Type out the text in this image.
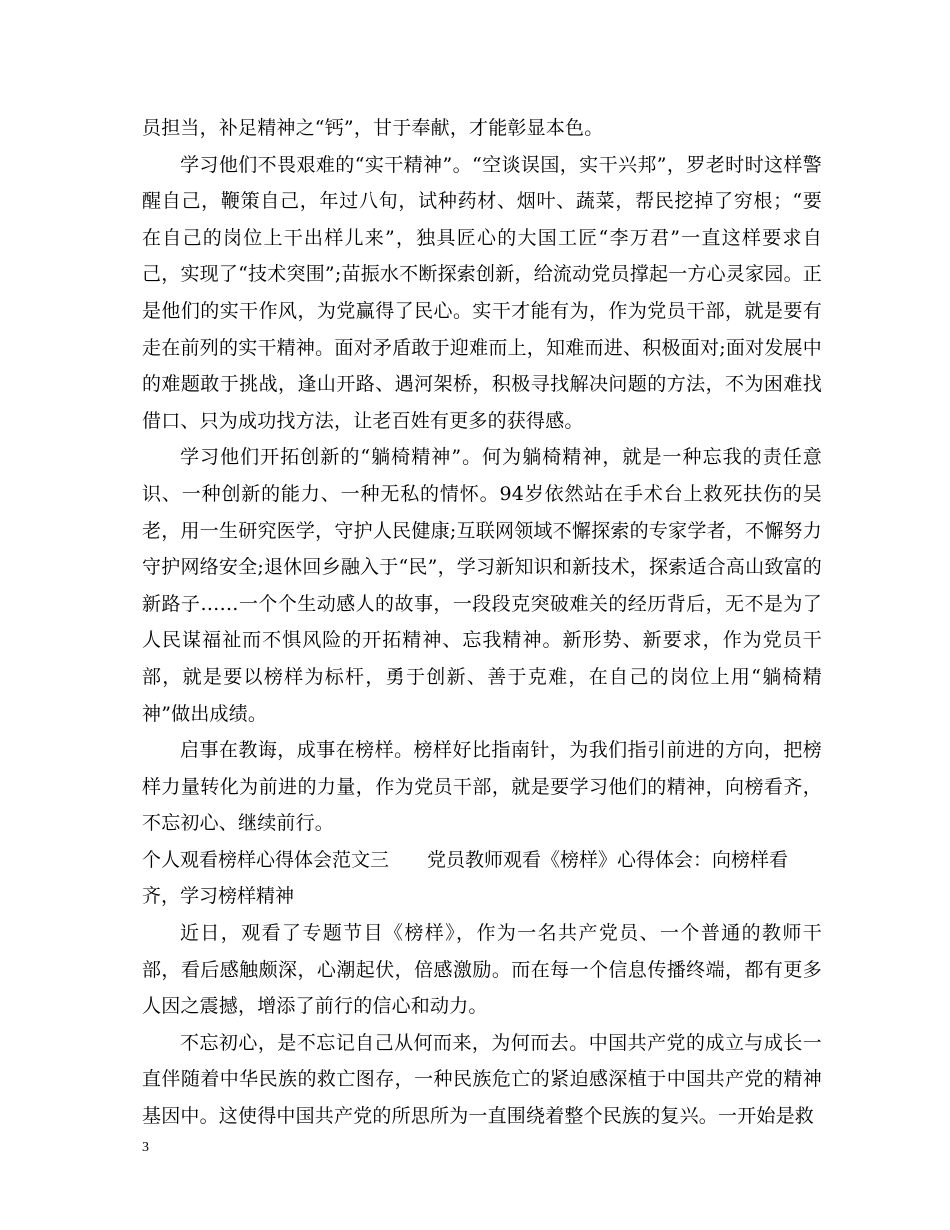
员担当，补足精神之“钙”，甘于奉献，才能彰显本色。

学习他们不畏艰难的“实干精神”。“空谈误国，实干兴邦”，罗老时时这样警醒自己，鞭策自己，年过八旬，试种药材、烟叶、蔬菜，帮民挖掉了穷根；“要在自己的岗位上干出样儿来”，独具匠心的大国工匠“李万君”一直这样要求自己，实现了“技术突围”;苗振水不断探索创新，给流动党员撑起一方心灵家园。正是他们的实干作风，为党赢得了民心。实干才能有为，作为党员干部，就是要有走在前列的实干精神。面对矛盾敢于迎难而上，知难而进、积极面对;面对发展中的难题敢于挑战，逢山开路、遇河架桥，积极寻找解决问题的方法，不为困难找借口、只为成功找方法，让老百姓有更多的获得感。

学习他们开拓创新的“躺椅精神”。何为躺椅精神，就是一种忘我的责任意识、一种创新的能力、一种无私的情怀。94岁依然站在手术台上救死扶伤的吴老，用一生研究医学，守护人民健康;互联网领域不懈探索的专家学者，不懈努力守护网络安全;退休回乡融入于“民”，学习新知识和新技术，探索适合高山致富的新路子……一个个生动感人的故事，一段段克突破难关的经历背后，无不是为了人民谋福祉而不惧风险的开拓精神、忘我精神。新形势、新要求，作为党员干部，就是要以榜样为标杆，勇于创新、善于克难，在自己的岗位上用“躺椅精神”做出成绩。

启事在教诲，成事在榜样。榜样好比指南针，为我们指引前进的方向，把榜样力量转化为前进的力量，作为党员干部，就是要学习他们的精神，向榜看齐，不忘初心、继续前行。

个人观看榜样心得体会范文三　　党员教师观看《榜样》心得体会：向榜样看齐，学习榜样精神

近日，观看了专题节目《榜样》，作为一名共产党员、一个普通的教师干部，看后感触颇深，心潮起伏，倍感激励。而在每一个信息传播终端，都有更多人因之震撼，增添了前行的信心和动力。

不忘初心，是不忘记自己从何而来，为何而去。中国共产党的成立与成长一直伴随着中华民族的救亡图存，一种民族危亡的紧迫感深植于中国共产党的精神基因中。这使得中国共产党的所思所为一直围绕着整个民族的复兴。一开始是救

3
